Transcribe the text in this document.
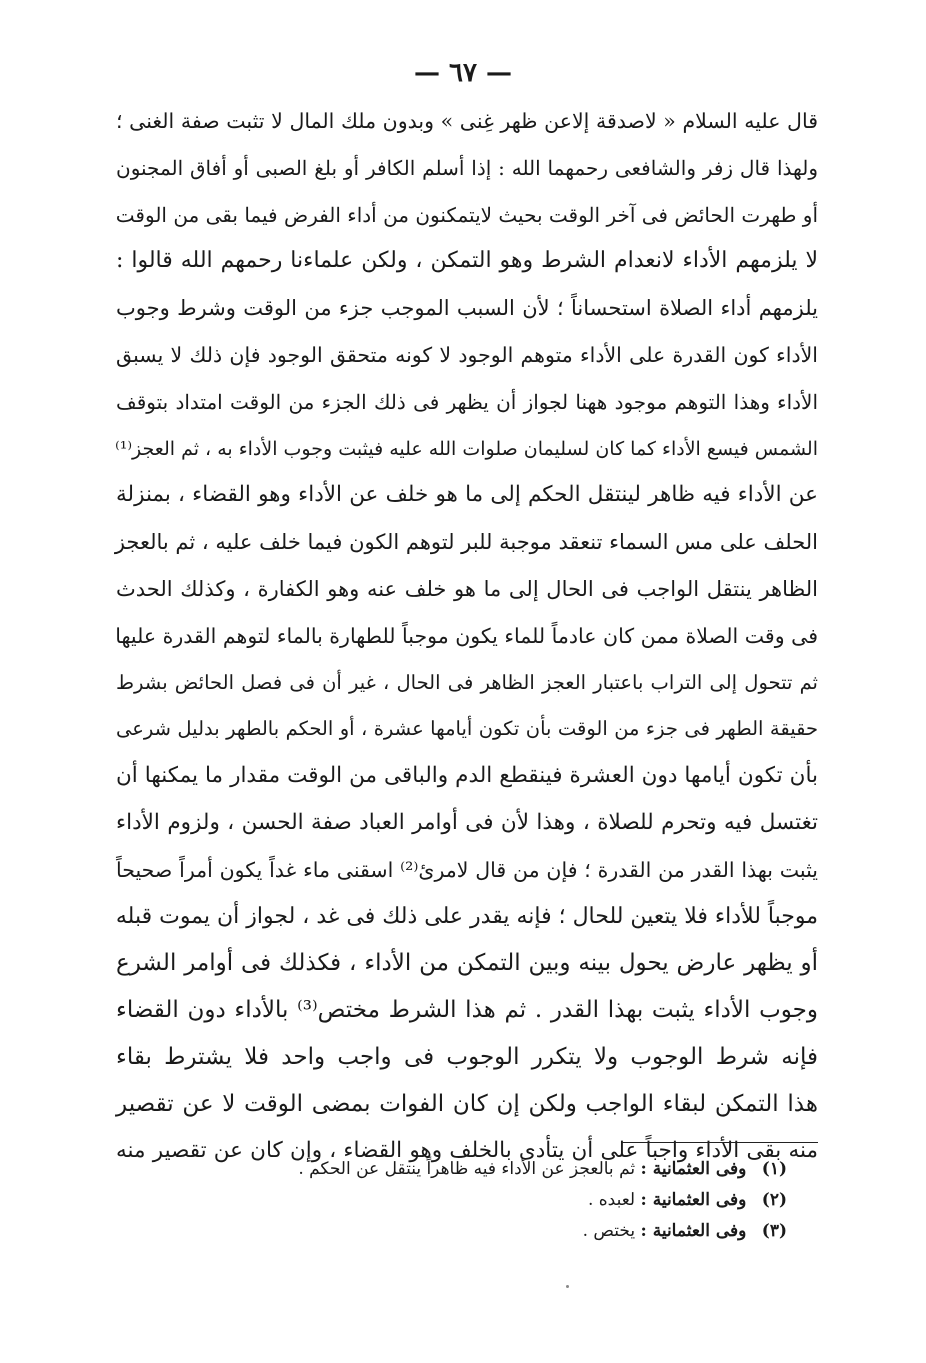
— ٦٧ —
قال عليه السلام « لاصدقة إلاعن ظهر غِنى » وبدون ملك المال لا تثبت صفة الغنى ؛
ولهذا قال زفر والشافعى رحمهما الله : إذا أسلم الكافر أو بلغ الصبى أو أفاق المجنون
أو طهرت الحائض فى آخر الوقت بحيث لايتمكنون من أداء الفرض فيما بقى من الوقت
لا يلزمهم الأداء لانعدام الشرط وهو التمكن ، ولكن علماءنا رحمهم الله قالوا :
يلزمهم أداء الصلاة استحساناً ؛ لأن السبب الموجب جزء من الوقت وشرط وجوب
الأداء كون القدرة على الأداء متوهم الوجود لا كونه متحقق الوجود فإن ذلك لا يسبق
الأداء وهذا التوهم موجود ههنا لجواز أن يظهر فى ذلك الجزء من الوقت امتداد بتوقف
الشمس فيسع الأداء كما كان لسليمان صلوات الله عليه فيثبت وجوب الأداء به ، ثم العجز⁽¹⁾
عن الأداء فيه ظاهر لينتقل الحكم إلى ما هو خلف عن الأداء وهو القضاء ، بمنزلة
الحلف على مس السماء تنعقد موجبة للبر لتوهم الكون فيما خلف عليه ، ثم بالعجز
الظاهر ينتقل الواجب فى الحال إلى ما هو خلف عنه وهو الكفارة ، وكذلك الحدث
فى وقت الصلاة ممن كان عادماً للماء يكون موجباً للطهارة بالماء لتوهم القدرة عليها
ثم تتحول إلى التراب باعتبار العجز الظاهر فى الحال ، غير أن فى فصل الحائض بشرط
حقيقة الطهر فى جزء من الوقت بأن تكون أيامها عشرة ، أو الحكم بالطهر بدليل شرعى
بأن تكون أيامها دون العشرة فينقطع الدم والباقى من الوقت مقدار ما يمكنها أن
تغتسل فيه وتحرم للصلاة ، وهذا لأن فى أوامر العباد صفة الحسن ، ولزوم الأداء
يثبت بهذا القدر من القدرة ؛ فإن من قال لامرئ⁽²⁾ اسقنى ماء غداً يكون أمراً صحيحاً
موجباً للأداء فلا يتعين للحال ؛ فإنه يقدر على ذلك فى غد ، لجواز أن يموت قبله
أو يظهر عارض يحول بينه وبين التمكن من الأداء ، فكذلك فى أوامر الشرع
وجوب الأداء يثبت بهذا القدر . ثم هذا الشرط مختص⁽³⁾ بالأداء دون القضاء
فإنه شرط الوجوب ولا يتكرر الوجوب فى واجب واحد فلا يشترط بقاء
هذا التمكن لبقاء الواجب ولكن إن كان الفوات بمضى الوقت لا عن تقصير
منه بقى الأداء واجباً على أن يتأدى بالخلف وهو القضاء ، وإن كان عن تقصير منه
(١) وفى العثمانية : ثم بالعجز عن الأداء فيه ظاهراً ينتقل عن الحكم .
(٢) وفى العثمانية : لعبده .
(٣) وفى العثمانية : يختص .
